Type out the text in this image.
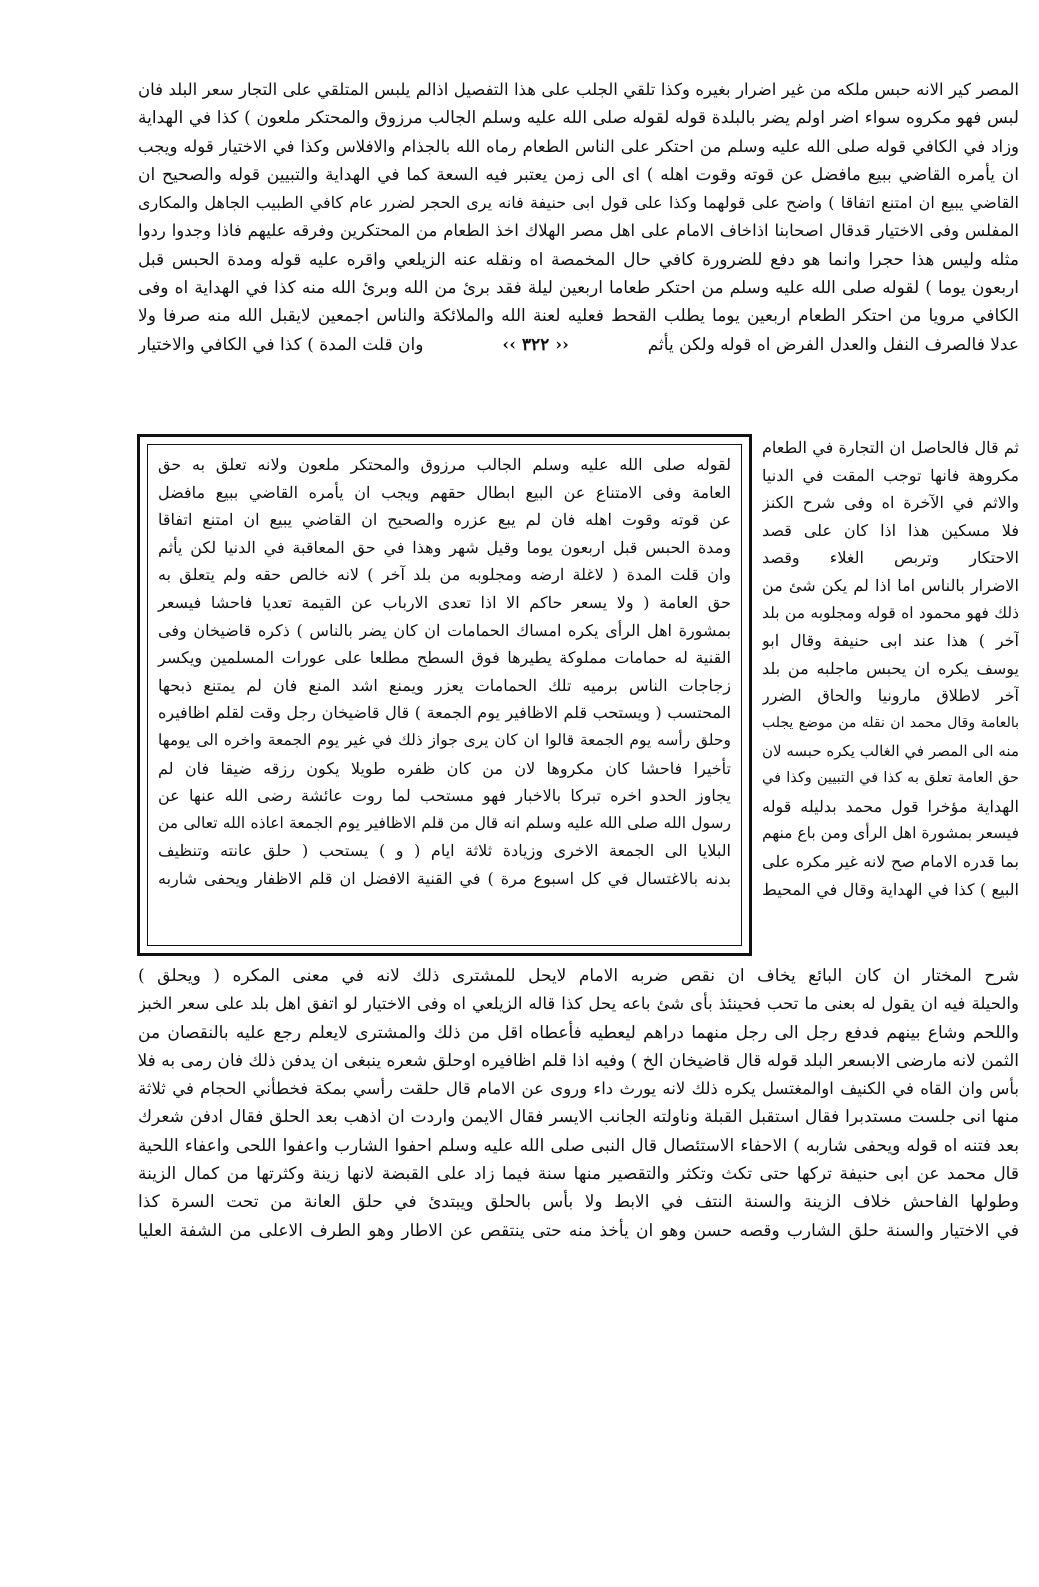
المصر كير الانه حبس ملكه من غير اضرار بغيره وكذا تلقي الجلب على هذا التفصيل اذالم يلبس المتلقي على التجار سعر البلد فان
لبس فهو مكروه سواء اضر اولم يضر بالبلدة قوله لقوله صلى الله عليه وسلم الجالب مرزوق والمحتكر ملعون ) كذا في الهداية
وزاد في الكافي قوله صلى الله عليه وسلم من احتكر على الناس الطعام رماه الله بالجذام والافلاس وكذا في الاختيار قوله ويجب
ان يأمره القاضي ببيع مافضل عن قوته وقوت اهله ) اى الى زمن يعتبر فيه السعة كما في الهداية والتبيين قوله والصحيح ان
القاضي يبيع ان امتنع اتفاقا ) واضح على قولهما وكذا على قول ابى حنيفة فانه يرى الحجر لضرر عام كافي الطبيب الجاهل والمكارى
المفلس وفى الاختيار قدقال اصحابنا اذاخاف الامام على اهل مصر الهلاك اخذ الطعام من المحتكرين وفرقه عليهم فاذا وجدوا ردوا
مثله وليس هذا حجرا وانما هو دفع للضرورة كافي حال المخمصة اه ونقله عنه الزيلعي واقره عليه قوله ومدة الحبس قبل
اربعون يوما ) لقوله صلى الله عليه وسلم من احتكر طعاما اربعين ليلة فقد برئ من الله وبرئ الله منه كذا في الهداية اه وفى
الكافي مرويا من احتكر الطعام اربعين يوما يطلب القحط فعليه لعنة الله والملائكة والناس اجمعين لايقبل الله منه صرفا ولا
عدلا فالصرف النفل والعدل الفرض اه قوله ولكن يأثم
‹‹ ٣٢٢ ››
وان قلت المدة ) كذا في الكافي والاختيار
ثم قال فالحاصل ان التجارة في الطعام
مكروهة فانها توجب المقت في الدنيا
والاثم في الآخرة اه وفى شرح الكنز
فلا مسكين هذا اذا كان على قصد
الاحتكار وتربص الغلاء وقصد
الاضرار بالناس اما اذا لم يكن شئ من
ذلك فهو محمود اه قوله ومجلوبه من بلد
آخر ) هذا عند ابى حنيفة وقال ابو
يوسف يكره ان يحبس ماجلبه من بلد
آخر لاطلاق مارونيا والحاق الضرر
بالعامة وقال محمد ان نقله من موضع يجلب
منه الى المصر في الغالب يكره حبسه لان
حق العامة تعلق به كذا في التبيين وكذا في
الهداية مؤخرا قول محمد بدليله قوله
فيسعر بمشورة اهل الرأى ومن باع منهم
بما قدره الامام صح لانه غير مكره على
البيع ) كذا في الهداية وقال في المحيط
لقوله صلى الله عليه وسلم الجالب مرزوق والمحتكر ملعون ولانه تعلق به حق
العامة وفى الامتناع عن البيع ابطال حقهم ويجب ان يأمره القاضي ببيع مافضل
عن قوته وقوت اهله فان لم يبع عزره والصحيح ان القاضي يبيع ان امتنع اتفاقا
ومدة الحبس قبل اربعون يوما وقيل شهر وهذا في حق المعاقبة في الدنيا لكن يأثم
وان قلت المدة ( لاغلة ارضه ومجلوبه من بلد آخر ) لانه خالص حقه ولم يتعلق به
حق العامة ( ولا يسعر حاكم الا اذا تعدى الارباب عن القيمة تعديا فاحشا فيسعر
بمشورة اهل الرأى يكره امساك الحمامات ان كان يضر بالناس ) ذكره قاضيخان وفى
القنية له حمامات مملوكة يطيرها فوق السطح مطلعا على عورات المسلمين ويكسر
زجاجات الناس برميه تلك الحمامات يعزر ويمنع اشد المنع فان لم يمتنع ذبحها
المحتسب ( ويستحب قلم الاظافير يوم الجمعة ) قال قاضيخان رجل وقت لقلم اظافيره
وحلق رأسه يوم الجمعة قالوا ان كان يرى جواز ذلك في غير يوم الجمعة واخره الى يومها
تأخيرا فاحشا كان مكروها لان من كان ظفره طويلا يكون رزقه ضيقا فان لم
يجاوز الحدو اخره تبركا بالاخبار فهو مستحب لما روت عائشة رضى الله عنها عن
رسول الله صلى الله عليه وسلم انه قال من قلم الاظافير يوم الجمعة اعاذه الله تعالى من
البلايا الى الجمعة الاخرى وزيادة ثلاثة ايام ( و ) يستحب ( حلق عانته وتنظيف
بدنه بالاغتسال في كل اسبوع مرة ) في القنية الافضل ان قلم الاظفار ويحفى شاربه
شرح المختار ان كان البائع يخاف ان نقص ضربه الامام لايحل للمشترى ذلك لانه في معنى المكره ( ويحلق )
والحيلة فيه ان يقول له بعنى ما تحب فحينئذ بأى شئ باعه يحل كذا قاله الزيلعي اه وفى الاختيار لو اتفق اهل بلد على سعر الخبز
واللحم وشاع بينهم فدفع رجل الى رجل منهما دراهم ليعطيه فأعطاه اقل من ذلك والمشترى لايعلم رجع عليه بالنقصان من
الثمن لانه مارضى الابسعر البلد قوله قال قاضيخان الخ ) وفيه اذا قلم اظافيره اوحلق شعره ينبغى ان يدفن ذلك فان رمى به فلا
بأس وان القاه في الكنيف اوالمغتسل يكره ذلك لانه يورث داء وروى عن الامام قال حلقت رأسي بمكة فخطأني الحجام في ثلاثة
منها انى جلست مستدبرا فقال استقبل القبلة وناولته الجانب الايسر فقال الايمن واردت ان اذهب بعد الحلق فقال ادفن شعرك
بعد فتنه اه قوله ويحفى شاربه ) الاحفاء الاستئصال قال النبى صلى الله عليه وسلم احفوا الشارب واعفوا اللحى واعفاء اللحية
قال محمد عن ابى حنيفة تركها حتى تكث وتكثر والتقصير منها سنة فيما زاد على القبضة لانها زينة وكثرتها من كمال الزينة
وطولها الفاحش خلاف الزينة والسنة النتف في الابط ولا بأس بالحلق ويبتدئ في حلق العانة من تحت السرة كذا
في الاختيار والسنة حلق الشارب وقصه حسن وهو ان يأخذ منه حتى ينتقص عن الاطار وهو الطرف الاعلى من الشفة العليا
